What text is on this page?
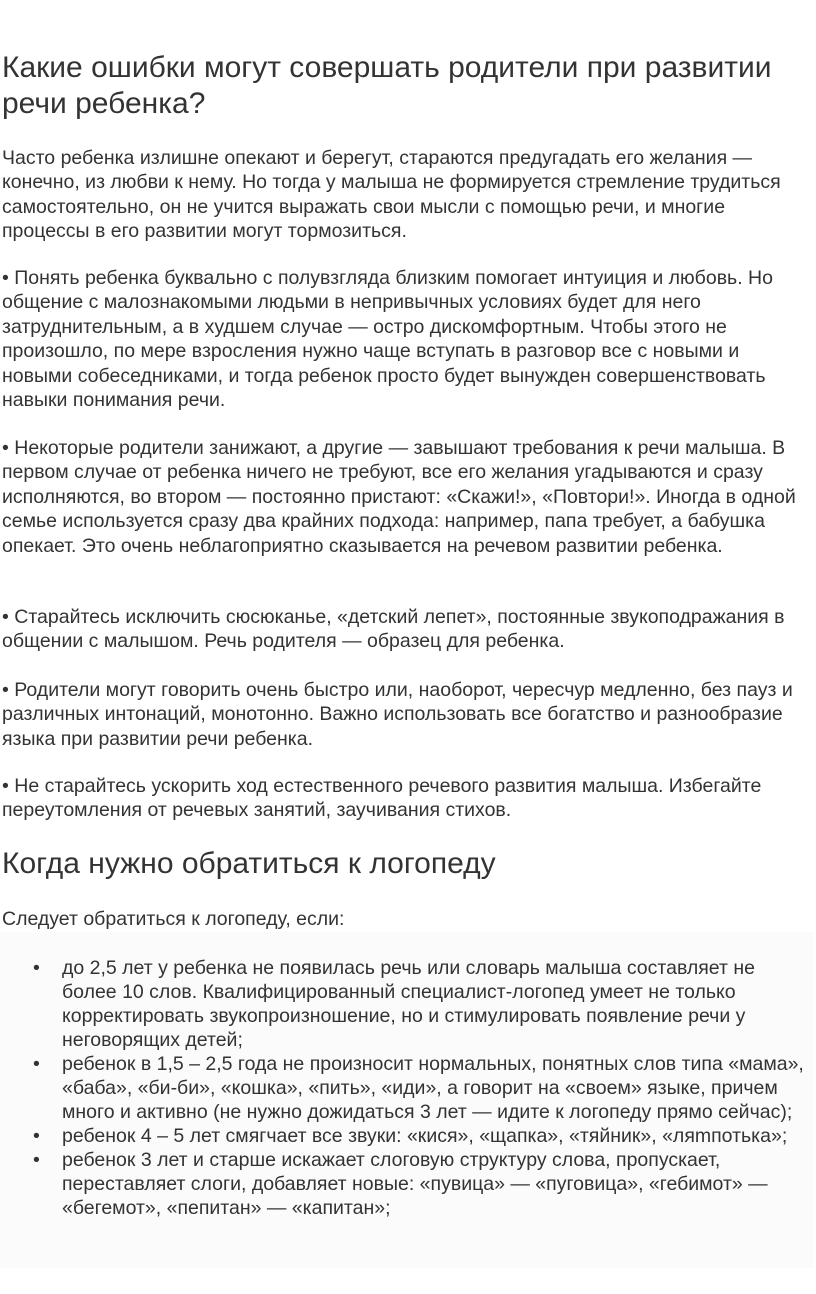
Какие ошибки могут совершать родители при развитии речи ребенка?

Часто ребенка излишне опекают и берегут, стараются предугадать его желания — конечно, из любви к нему. Но тогда у малыша не формируется стремление трудиться самостоятельно, он не учится выражать свои мысли с помощью речи, и многие процессы в его развитии могут тормозиться.

• Понять ребенка буквально с полувзгляда близким помогает интуиция и любовь. Но общение с малознакомыми людьми в непривычных условиях будет для него затруднительным, а в худшем случае — остро дискомфортным. Чтобы этого не произошло, по мере взросления нужно чаще вступать в разговор все с новыми и новыми собеседниками, и тогда ребенок просто будет вынужден совершенствовать навыки понимания речи.

• Некоторые родители занижают, а другие — завышают требования к речи малыша. В первом случае от ребенка ничего не требуют, все его желания угадываются и сразу исполняются, во втором — постоянно пристают: «Скажи!», «Повтори!». Иногда в одной семье используется сразу два крайних подхода: например, папа требует, а бабушка опекает. Это очень неблагоприятно сказывается на речевом развитии ребенка.

• Старайтесь исключить сюсюканье, «детский лепет», постоянные звукоподражания в общении с малышом. Речь родителя — образец для ребенка.

• Родители могут говорить очень быстро или, наоборот, чересчур медленно, без пауз и различных интонаций, монотонно. Важно использовать все богатство и разнообразие языка при развитии речи ребенка.

• Не старайтесь ускорить ход естественного речевого развития малыша. Избегайте переутомления от речевых занятий, заучивания стихов.

Когда нужно обратиться к логопеду

Следует обратиться к логопеду, если:

• до 2,5 лет у ребенка не появилась речь или словарь малыша составляет не более 10 слов. Квалифицированный специалист-логопед умеет не только корректировать звукопроизношение, но и стимулировать появление речи у неговорящих детей;
• ребенок в 1,5 – 2,5 года не произносит нормальных, понятных слов типа «мама», «баба», «би-би», «кошка», «пить», «иди», а говорит на «своем» языке, причем много и активно (не нужно дожидаться 3 лет — идите к логопеду прямо сейчас);
• ребенок 4 – 5 лет смягчает все звуки: «кися», «щапка», «тяйник», «ляmпотька»;
• ребенок 3 лет и старше искажает слоговую структуру слова, пропускает, переставляет слоги, добавляет новые: «пувица» — «пуговица», «гебимот» — «бегемот», «пепитан» — «капитан»;
